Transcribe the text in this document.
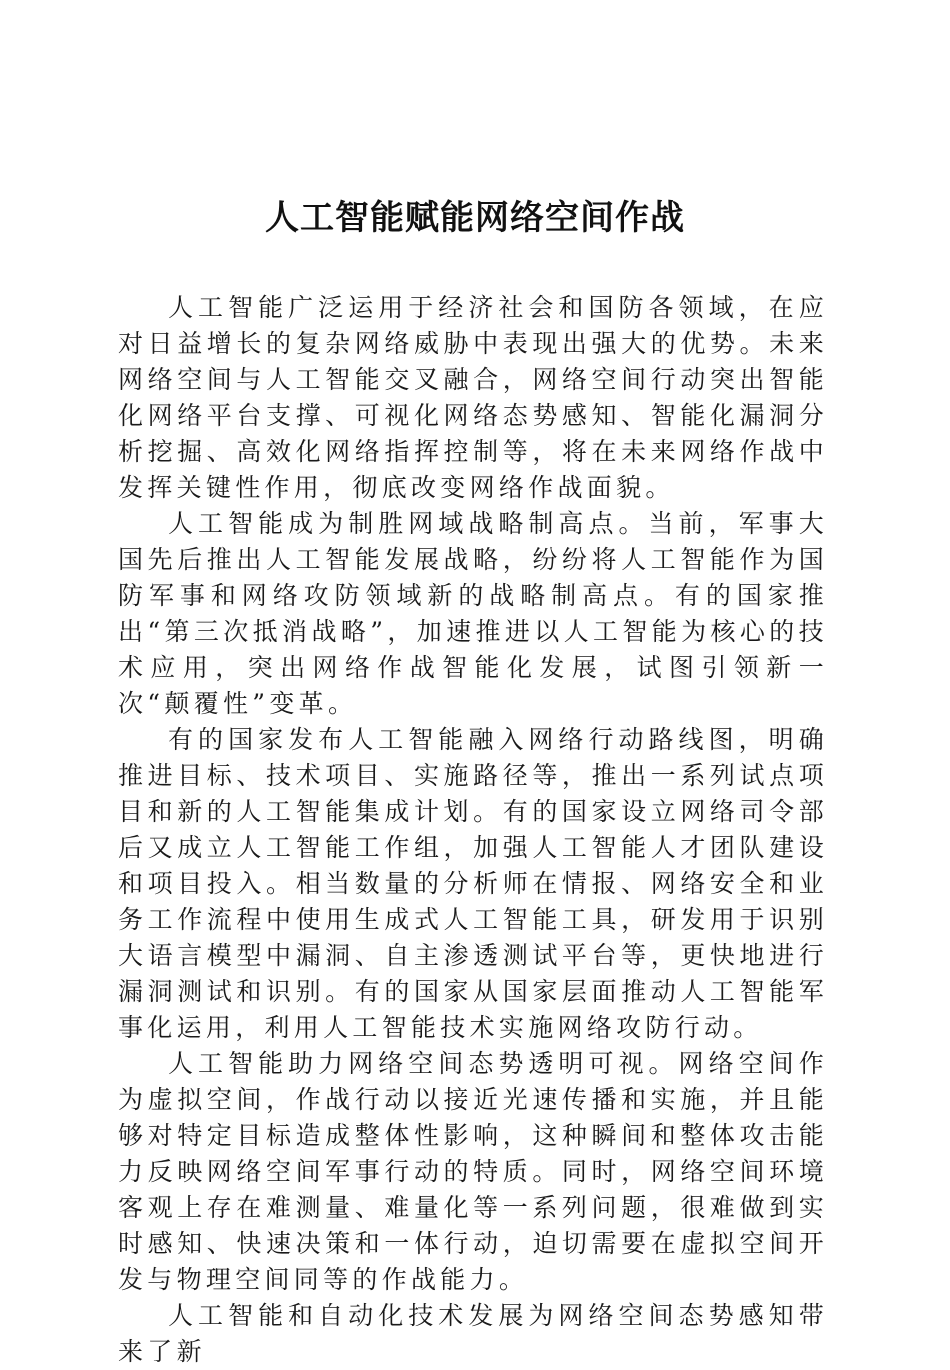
人工智能赋能网络空间作战

人工智能广泛运用于经济社会和国防各领域，在应对日益增长的复杂网络威胁中表现出强大的优势。未来网络空间与人工智能交叉融合，网络空间行动突出智能化网络平台支撑、可视化网络态势感知、智能化漏洞分析挖掘、高效化网络指挥控制等，将在未来网络作战中发挥关键性作用，彻底改变网络作战面貌。

人工智能成为制胜网域战略制高点。当前，军事大国先后推出人工智能发展战略，纷纷将人工智能作为国防军事和网络攻防领域新的战略制高点。有的国家推出“第三次抵消战略”，加速推进以人工智能为核心的技术应用，突出网络作战智能化发展，试图引领新一次“颠覆性”变革。

有的国家发布人工智能融入网络行动路线图，明确推进目标、技术项目、实施路径等，推出一系列试点项目和新的人工智能集成计划。有的国家设立网络司令部后又成立人工智能工作组，加强人工智能人才团队建设和项目投入。相当数量的分析师在情报、网络安全和业务工作流程中使用生成式人工智能工具，研发用于识别大语言模型中漏洞、自主渗透测试平台等，更快地进行漏洞测试和识别。有的国家从国家层面推动人工智能军事化运用，利用人工智能技术实施网络攻防行动。

人工智能助力网络空间态势透明可视。网络空间作为虚拟空间，作战行动以接近光速传播和实施，并且能够对特定目标造成整体性影响，这种瞬间和整体攻击能力反映网络空间军事行动的特质。同时，网络空间环境客观上存在难测量、难量化等一系列问题，很难做到实时感知、快速决策和一体行动，迫切需要在虚拟空间开发与物理空间同等的作战能力。

人工智能和自动化技术发展为网络空间态势感知带来了新
